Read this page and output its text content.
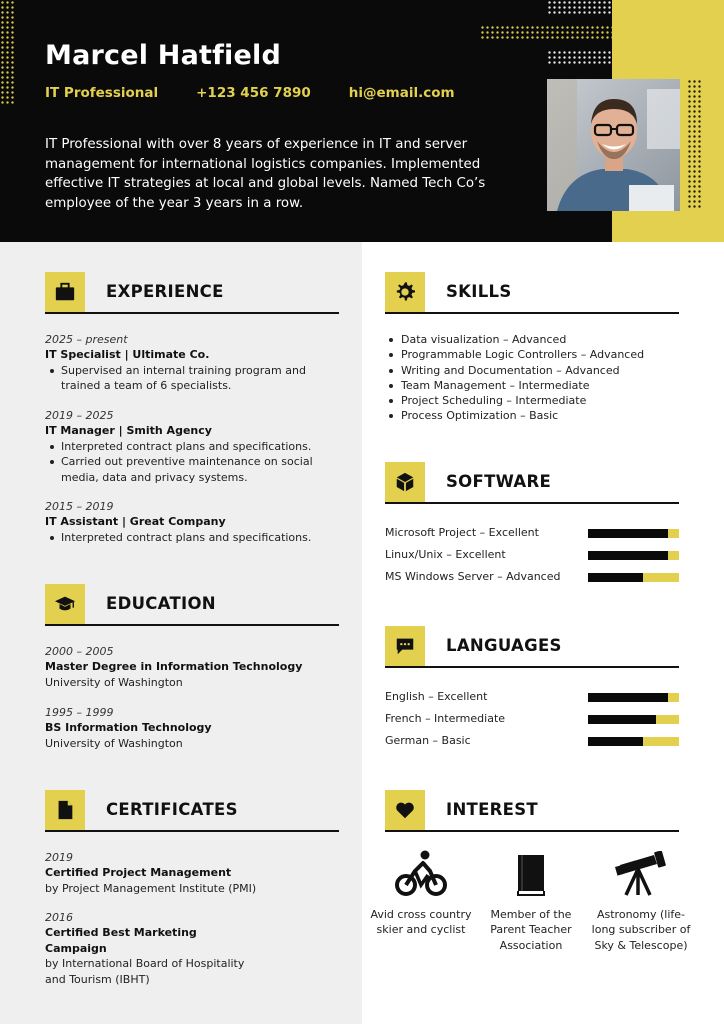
Marcel Hatfield
IT Professional	+123 456 7890	hi@email.com
IT Professional with over 8 years of experience in IT and server management for international logistics companies. Implemented effective IT strategies at local and global levels. Named Tech Co’s employee of the year 3 years in a row.
EXPERIENCE
2025 – present
IT Specialist | Ultimate Co.
Supervised an internal training program and trained a team of 6 specialists.
2019 – 2025
IT Manager | Smith Agency
Interpreted contract plans and specifications.
Carried out preventive maintenance on social media, data and privacy systems.
2015 – 2019
IT Assistant | Great Company
Interpreted contract plans and specifications.
EDUCATION
2000 – 2005
Master Degree in Information Technology
University of Washington
1995 – 1999
BS Information Technology
University of Washington
CERTIFICATES
2019
Certified Project Management
by Project Management Institute (PMI)
2016
Certified Best Marketing Campaign
by International Board of Hospitality and Tourism (IBHT)
SKILLS
Data visualization – Advanced
Programmable Logic Controllers – Advanced
Writing and Documentation – Advanced
Team Management – Intermediate
Project Scheduling – Intermediate
Process Optimization – Basic
SOFTWARE
Microsoft Project – Excellent
Linux/Unix – Excellent
MS Windows Server – Advanced
LANGUAGES
English – Excellent
French – Intermediate
German – Basic
INTEREST
Avid cross country skier and cyclist
Member of the Parent Teacher Association
Astronomy (life-long subscriber of Sky & Telescope)
